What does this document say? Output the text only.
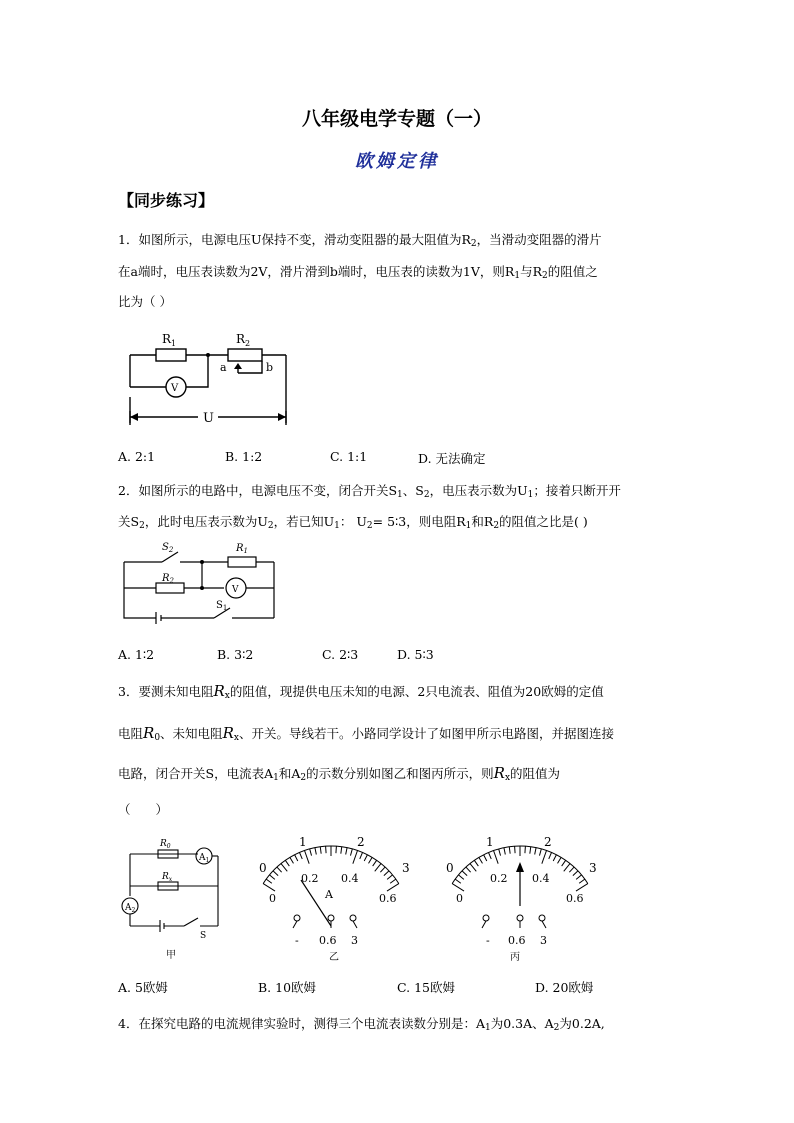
八年级电学专题（一）
欧姆定律
【同步练习】
1．如图所示，电源电压U保持不变，滑动变阻器的最大阻值为$R_2$，当滑动变阻器的滑片
在a端时，电压表读数为2V，滑片滑到b端时，电压表的读数为1V，则$R_1$与$R_2$的阻值之
比为（ ）
$R_1$	$R_2$
a	b
V
U
A. 2:1	B. 1:2	C. 1:1	D. 无法确定
2．如图所示的电路中，电源电压不变，闭合开关$S_1$、$S_2$，电压表示数为$U_1$；接着只断开开
关$S_2$，此时电压表示数为$U_2$，若已知$U_1$： $U_2=$ 5∶3，则电阻$R_1$和$R_2$的阻值之比是( )
$S_2$	$R_1$
$R_2$
V
$S_1$
A. 1∶2	B. 3∶2	C. 2∶3	D. 5∶3
3．要测未知电阻$R_x$的阻值，现提供电压未知的电源、2只电流表、阻值为20欧姆的定值
电阻$R_0$、未知电阻$R_x$、开关。导线若干。小路同学设计了如图甲所示电路图，并据图连接
电路，闭合开关S，电流表$A_1$和$A_2$的示数分别如图乙和图丙所示，则$R_x$的阻值为
（　　）
$R_0$
$R_x$
$A_1$
$A_2$
S
甲
0
1	2
3
0
0.2 0.4
0.6
A
- 0.6 3
乙
0
1	2
3
0
0.2 0.4
0.6
- 0.6 3
丙
A. 5欧姆	B. 10欧姆	C. 15欧姆	D. 20欧姆
4．在探究电路的电流规律实验时，测得三个电流表读数分别是：$A_1$为0.3A、$A_2$为0.2A,
